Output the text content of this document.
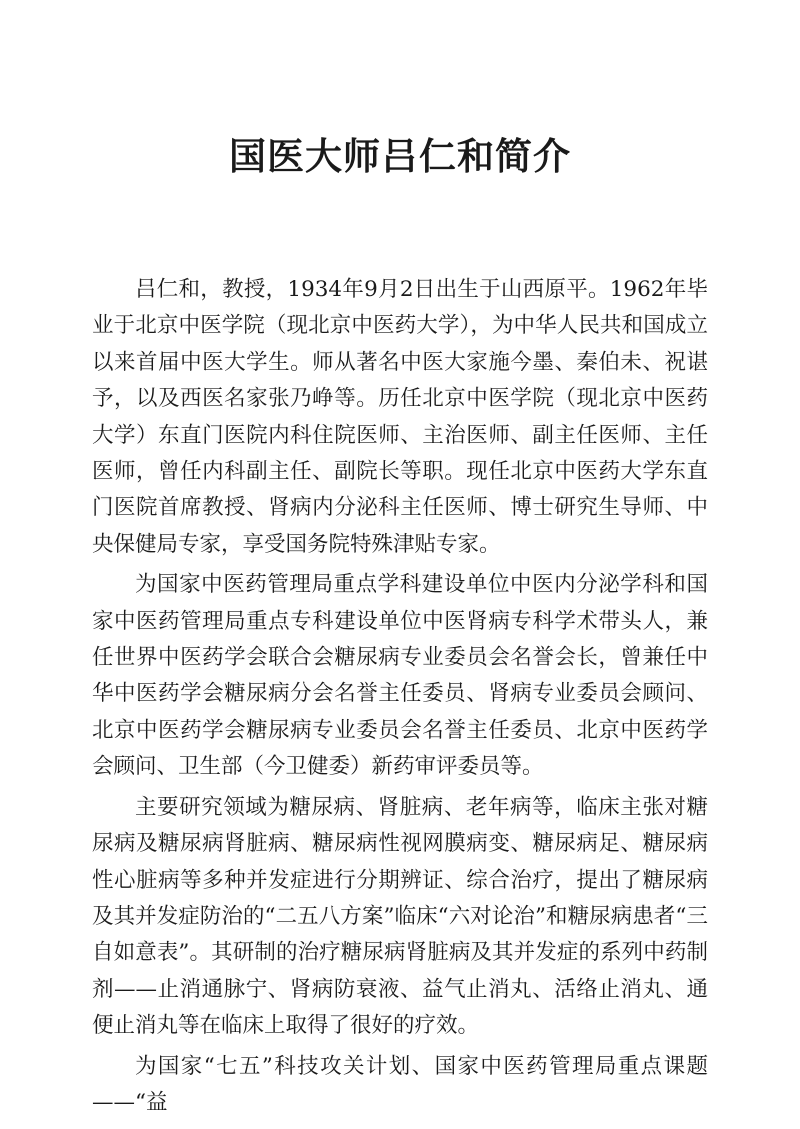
国医大师吕仁和简介

吕仁和，教授，1934年9月2日出生于山西原平。1962年毕业于北京中医学院（现北京中医药大学），为中华人民共和国成立以来首届中医大学生。师从著名中医大家施今墨、秦伯未、祝谌予，以及西医名家张乃峥等。历任北京中医学院（现北京中医药大学）东直门医院内科住院医师、主治医师、副主任医师、主任医师，曾任内科副主任、副院长等职。现任北京中医药大学东直门医院首席教授、肾病内分泌科主任医师、博士研究生导师、中央保健局专家，享受国务院特殊津贴专家。

为国家中医药管理局重点学科建设单位中医内分泌学科和国家中医药管理局重点专科建设单位中医肾病专科学术带头人，兼任世界中医药学会联合会糖尿病专业委员会名誉会长，曾兼任中华中医药学会糖尿病分会名誉主任委员、肾病专业委员会顾问、北京中医药学会糖尿病专业委员会名誉主任委员、北京中医药学会顾问、卫生部（今卫健委）新药审评委员等。

主要研究领域为糖尿病、肾脏病、老年病等，临床主张对糖尿病及糖尿病肾脏病、糖尿病性视网膜病变、糖尿病足、糖尿病性心脏病等多种并发症进行分期辨证、综合治疗，提出了糖尿病及其并发症防治的“二五八方案”临床“六对论治”和糖尿病患者“三自如意表”。其研制的治疗糖尿病肾脏病及其并发症的系列中药制剂——止消通脉宁、肾病防衰液、益气止消丸、活络止消丸、通便止消丸等在临床上取得了很好的疗效。

为国家“七五”科技攻关计划、国家中医药管理局重点课题——“益
